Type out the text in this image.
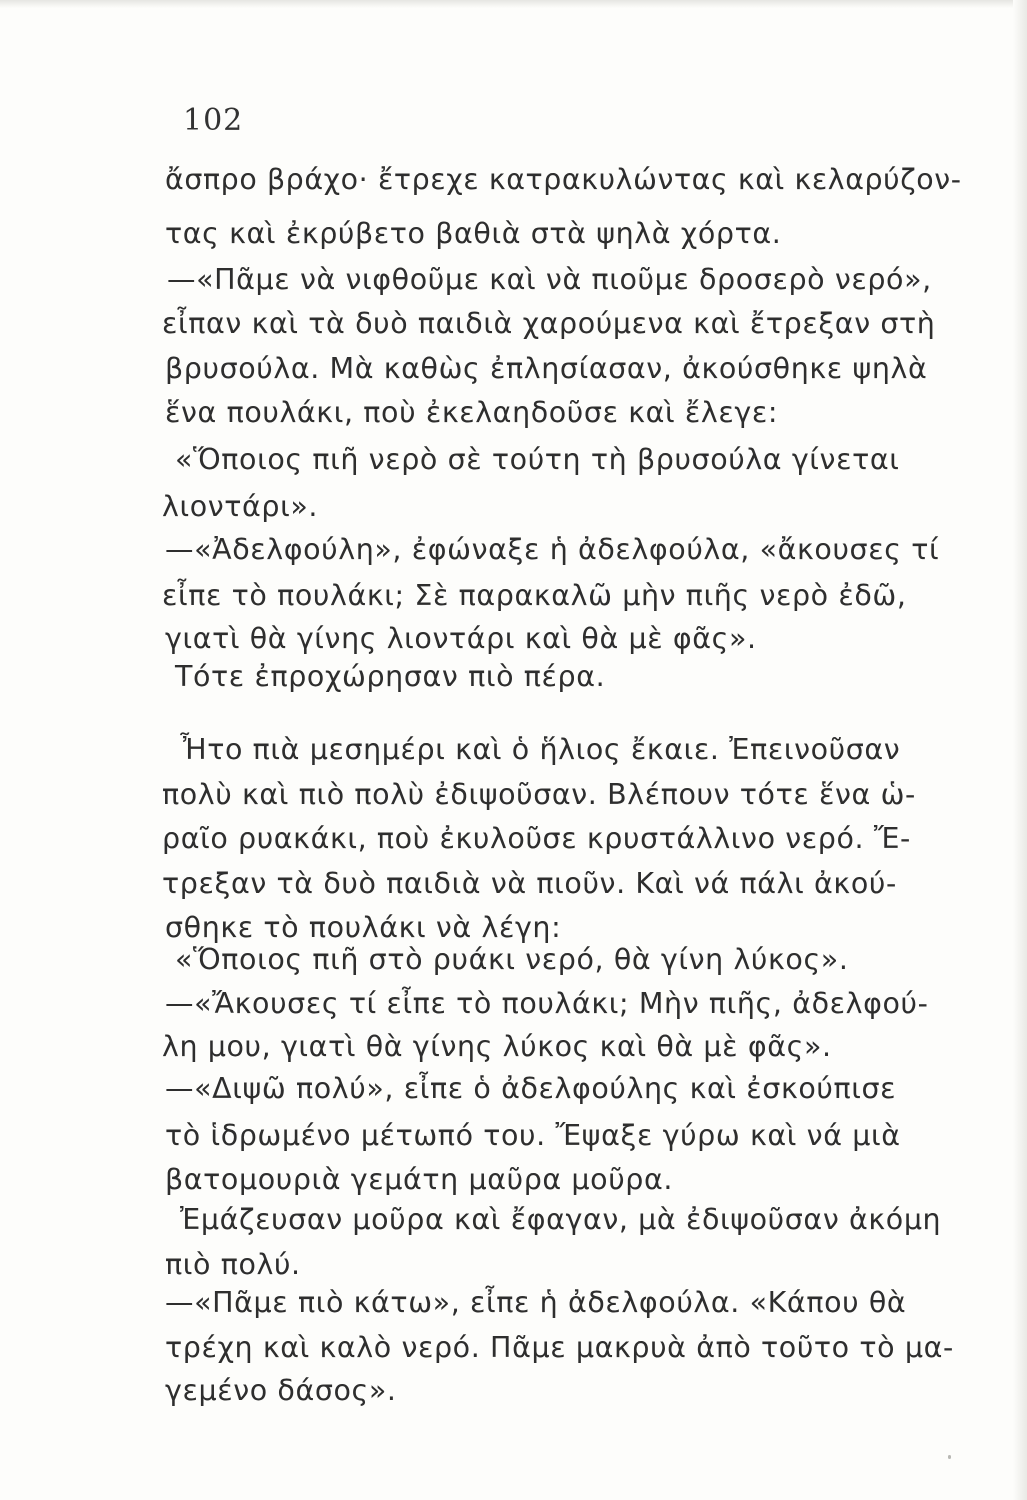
102
ἄσπρο βράχο· ἔτρεχε κατρακυλώντας καὶ κελαρύζον-
τας καὶ ἐκρύβετο βαθιὰ στὰ ψηλὰ χόρτα.
—«Πᾶμε νὰ νιφθοῦμε καὶ νὰ πιοῦμε δροσερὸ νερό»,
εἶπαν καὶ τὰ δυὸ παιδιὰ χαρούμενα καὶ ἔτρεξαν στὴ
βρυσούλα. Μὰ καθὼς ἐπλησίασαν, ἀκούσθηκε ψηλὰ
ἕνα πουλάκι, ποὺ ἐκελαηδοῦσε καὶ ἔλεγε:
«Ὅποιος πιῆ νερὸ σὲ τούτη τὴ βρυσούλα γίνεται
λιοντάρι».
—«Ἀδελφούλη», ἐφώναξε ἡ ἀδελφούλα, «ἄκουσες τί
εἶπε τὸ πουλάκι; Σὲ παρακαλῶ μὴν πιῆς νερὸ ἐδῶ,
γιατὶ θὰ γίνης λιοντάρι καὶ θὰ μὲ φᾶς».
Τότε ἐπροχώρησαν πιὸ πέρα.
Ἦτο πιὰ μεσημέρι καὶ ὁ ἥλιος ἔκαιε. Ἐπεινοῦσαν
πολὺ καὶ πιὸ πολὺ ἐδιψοῦσαν. Βλέπουν τότε ἕνα ὡ-
ραῖο ρυακάκι, ποὺ ἐκυλοῦσε κρυστάλλινο νερό. Ἔ-
τρεξαν τὰ δυὸ παιδιὰ νὰ πιοῦν. Καὶ νά πάλι ἀκού-
σθηκε τὸ πουλάκι νὰ λέγη:
«Ὅποιος πιῆ στὸ ρυάκι νερό, θὰ γίνη λύκος».
—«Ἄκουσες τί εἶπε τὸ πουλάκι; Μὴν πιῆς, ἀδελφού-
λη μου, γιατὶ θὰ γίνης λύκος καὶ θὰ μὲ φᾶς».
—«Διψῶ πολύ», εἶπε ὁ ἀδελφούλης καὶ ἐσκούπισε
τὸ ἱδρωμένο μέτωπό του. Ἔψαξε γύρω καὶ νά μιὰ
βατομουριὰ γεμάτη μαῦρα μοῦρα.
Ἐμάζευσαν μοῦρα καὶ ἔφαγαν, μὰ ἐδιψοῦσαν ἀκόμη
πιὸ πολύ.
—«Πᾶμε πιὸ κάτω», εἶπε ἡ ἀδελφούλα. «Κάπου θὰ
τρέχη καὶ καλὸ νερό. Πᾶμε μακρυὰ ἀπὸ τοῦτο τὸ μα-
γεμένο δάσος».
